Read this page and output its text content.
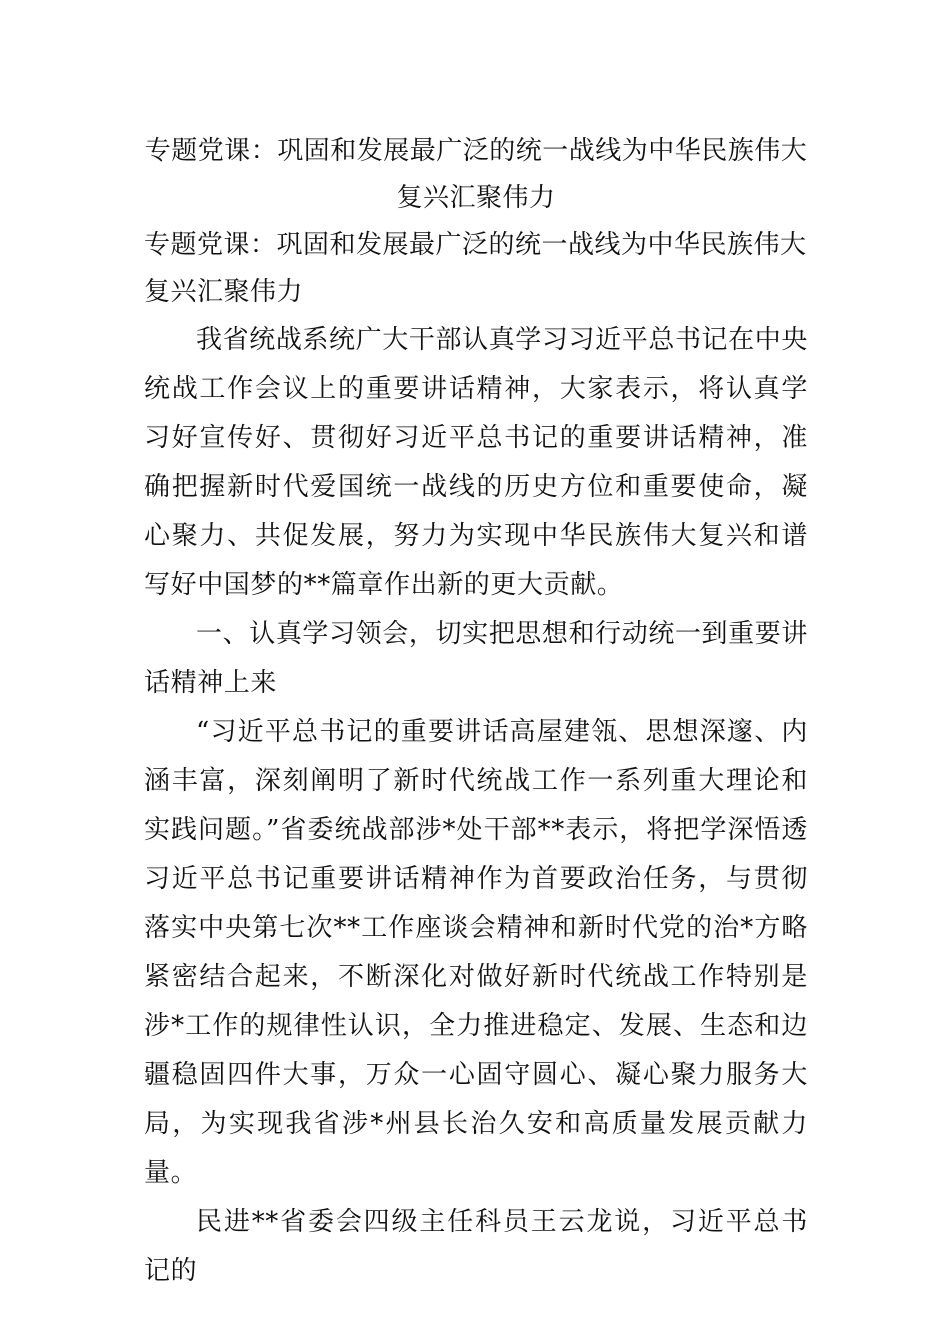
专题党课：巩固和发展最广泛的统一战线为中华民族伟大
复兴汇聚伟力

专题党课：巩固和发展最广泛的统一战线为中华民族伟大复兴汇聚伟力

我省统战系统广大干部认真学习习近平总书记在中央统战工作会议上的重要讲话精神，大家表示，将认真学习好宣传好、贯彻好习近平总书记的重要讲话精神，准确把握新时代爱国统一战线的历史方位和重要使命，凝心聚力、共促发展，努力为实现中华民族伟大复兴和谱写好中国梦的**篇章作出新的更大贡献。

一、认真学习领会，切实把思想和行动统一到重要讲话精神上来

“习近平总书记的重要讲话高屋建瓴、思想深邃、内涵丰富，深刻阐明了新时代统战工作一系列重大理论和实践问题。”省委统战部涉*处干部**表示，将把学深悟透习近平总书记重要讲话精神作为首要政治任务，与贯彻落实中央第七次**工作座谈会精神和新时代党的治*方略紧密结合起来，不断深化对做好新时代统战工作特别是涉*工作的规律性认识，全力推进稳定、发展、生态和边疆稳固四件大事，万众一心固守圆心、凝心聚力服务大局，为实现我省涉*州县长治久安和高质量发展贡献力量。

民进**省委会四级主任科员王云龙说，习近平总书记的
